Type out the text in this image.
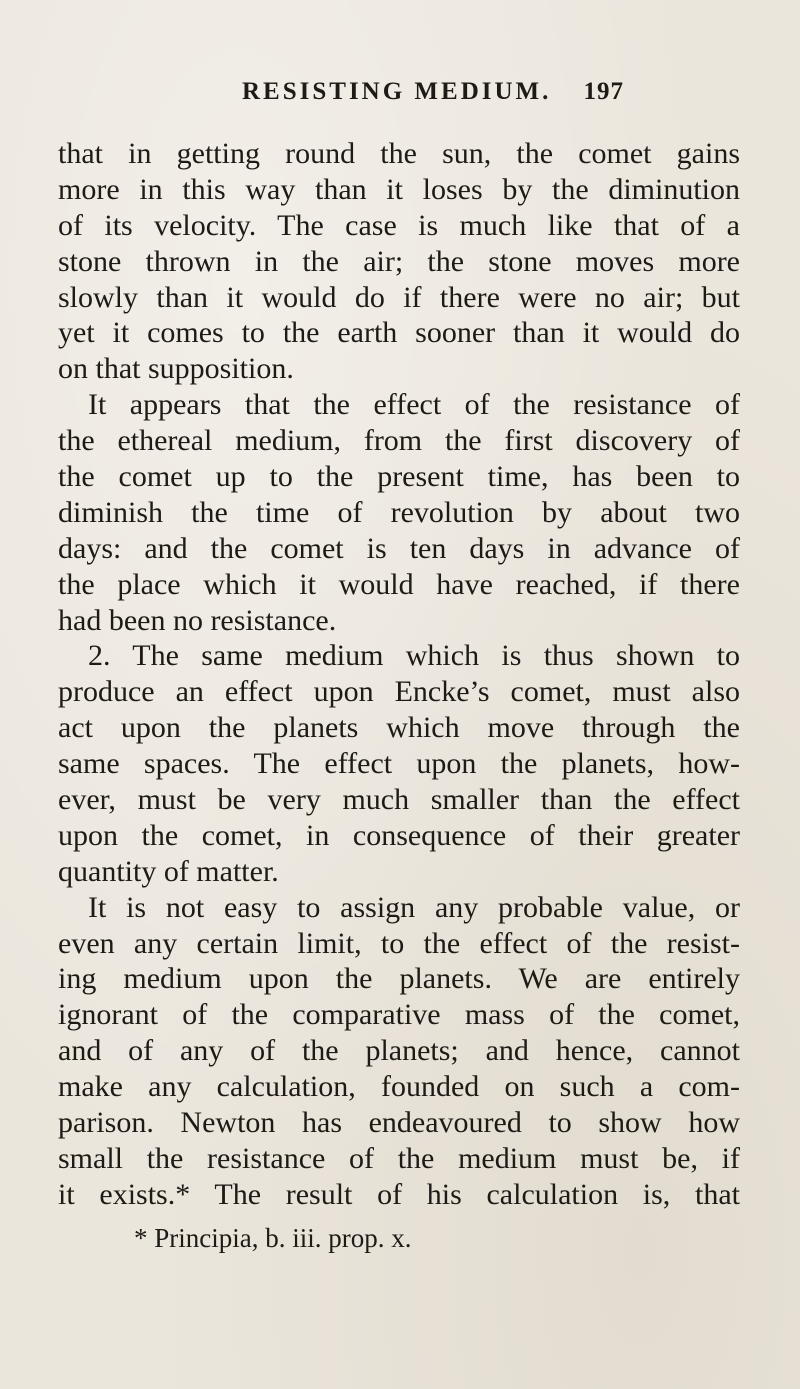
RESISTING MEDIUM. 197
that in getting round the sun, the comet gains
more in this way than it loses by the diminution
of its velocity. The case is much like that of a
stone thrown in the air; the stone moves more
slowly than it would do if there were no air; but
yet it comes to the earth sooner than it would do
on that supposition.
It appears that the effect of the resistance of
the ethereal medium, from the first discovery of
the comet up to the present time, has been to
diminish the time of revolution by about two
days: and the comet is ten days in advance of
the place which it would have reached, if there
had been no resistance.
2. The same medium which is thus shown to
produce an effect upon Encke’s comet, must also
act upon the planets which move through the
same spaces. The effect upon the planets, how-
ever, must be very much smaller than the effect
upon the comet, in consequence of their greater
quantity of matter.
It is not easy to assign any probable value, or
even any certain limit, to the effect of the resist-
ing medium upon the planets. We are entirely
ignorant of the comparative mass of the comet,
and of any of the planets; and hence, cannot
make any calculation, founded on such a com-
parison. Newton has endeavoured to show how
small the resistance of the medium must be, if
it exists.* The result of his calculation is, that
* Principia, b. iii. prop. x.
